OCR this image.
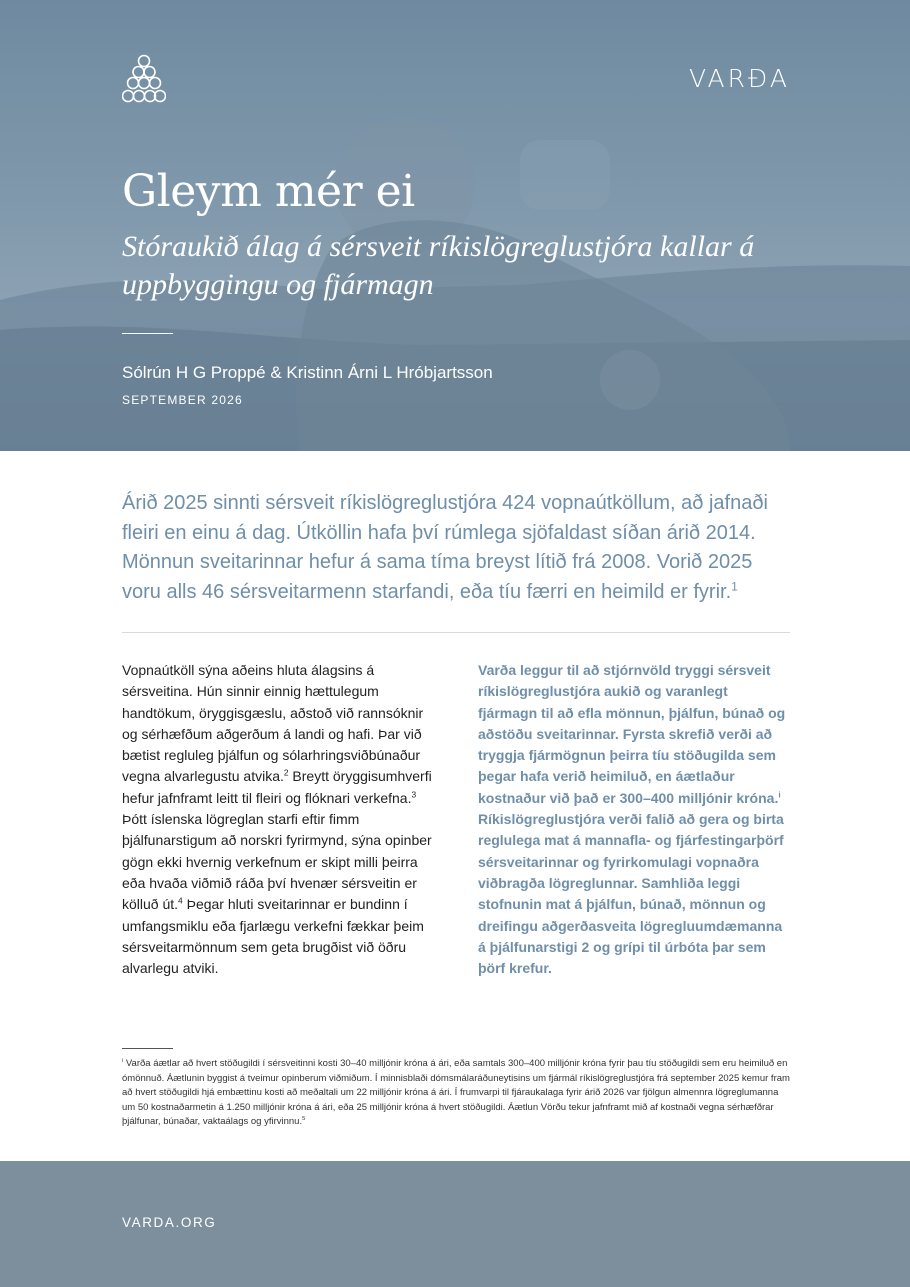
VARÐA
Gleym mér ei
Stóraukið álag á sérsveit ríkislögreglustjóra kallar á uppbyggingu og fjármagn
Sólrún H G Proppé & Kristinn Árni L Hróbjartsson
SEPTEMBER 2026

Árið 2025 sinnti sérsveit ríkislögreglustjóra 424 vopnaútköllum, að jafnaði fleiri en einu á dag. Útköllin hafa því rúmlega sjöfaldast síðan árið 2014. Mönnun sveitarinnar hefur á sama tíma breyst lítið frá 2008. Vorið 2025 voru alls 46 sérsveitarmenn starfandi, eða tíu færri en heimild er fyrir.$^1$

Vopnaútköll sýna aðeins hluta álagsins á sérsveitina. Hún sinnir einnig hættulegum handtökum, öryggisgæslu, aðstoð við rannsóknir og sérhæfðum aðgerðum á landi og hafi. Þar við bætist regluleg þjálfun og sólarhringsviðbúnaður vegna alvarlegustu atvika.$^2$ Breytt öryggisumhverfi hefur jafnframt leitt til fleiri og flóknari verkefna.$^3$ Þótt íslenska lögreglan starfi eftir fimm þjálfunarstigum að norskri fyrirmynd, sýna opinber gögn ekki hvernig verkefnum er skipt milli þeirra eða hvaða viðmið ráða því hvenær sérsveitin er kölluð út.$^4$ Þegar hluti sveitarinnar er bundinn í umfangsmiklu eða fjarlægu verkefni fækkar þeim sérsveitarmönnum sem geta brugðist við öðru alvarlegu atviki.

Varða leggur til að stjórnvöld tryggi sérsveit ríkislögreglustjóra aukið og varanlegt fjármagn til að efla mönnun, þjálfun, búnað og aðstöðu sveitarinnar. Fyrsta skrefið verði að tryggja fjármögnun þeirra tíu stöðugilda sem þegar hafa verið heimiluð, en áætlaður kostnaður við það er 300–400 milljónir króna.$^i$ Ríkislögreglustjóra verði falið að gera og birta reglulega mat á mannafla- og fjárfestingarþörf sérsveitarinnar og fyrirkomulagi vopnaðra viðbragða lögreglunnar. Samhliða leggi stofnunin mat á þjálfun, búnað, mönnun og dreifingu aðgerðasveita lögregluumdæmanna á þjálfunarstigi 2 og grípi til úrbóta þar sem þörf krefur.

$^i$ Varða áætlar að hvert stöðugildi í sérsveitinni kosti 30–40 milljónir króna á ári, eða samtals 300–400 milljónir króna fyrir þau tíu stöðugildi sem eru heimiluð en ómönnuð. Áætlunin byggist á tveimur opinberum viðmiðum. Í minnisblaði dómsmálaráðuneytisins um fjármál ríkislögreglustjóra frá september 2025 kemur fram að hvert stöðugildi hjá embættinu kosti að meðaltali um 22 milljónir króna á ári. Í frumvarpi til fjáraukalaga fyrir árið 2026 var fjölgun almennra lögreglumanna um 50 kostnaðarmetin á 1.250 milljónir króna á ári, eða 25 milljónir króna á hvert stöðugildi. Áætlun Vörðu tekur jafnframt mið af kostnaði vegna sérhæfðrar þjálfunar, búnaðar, vaktaálags og yfirvinnu.$^5$

VARDA.ORG
